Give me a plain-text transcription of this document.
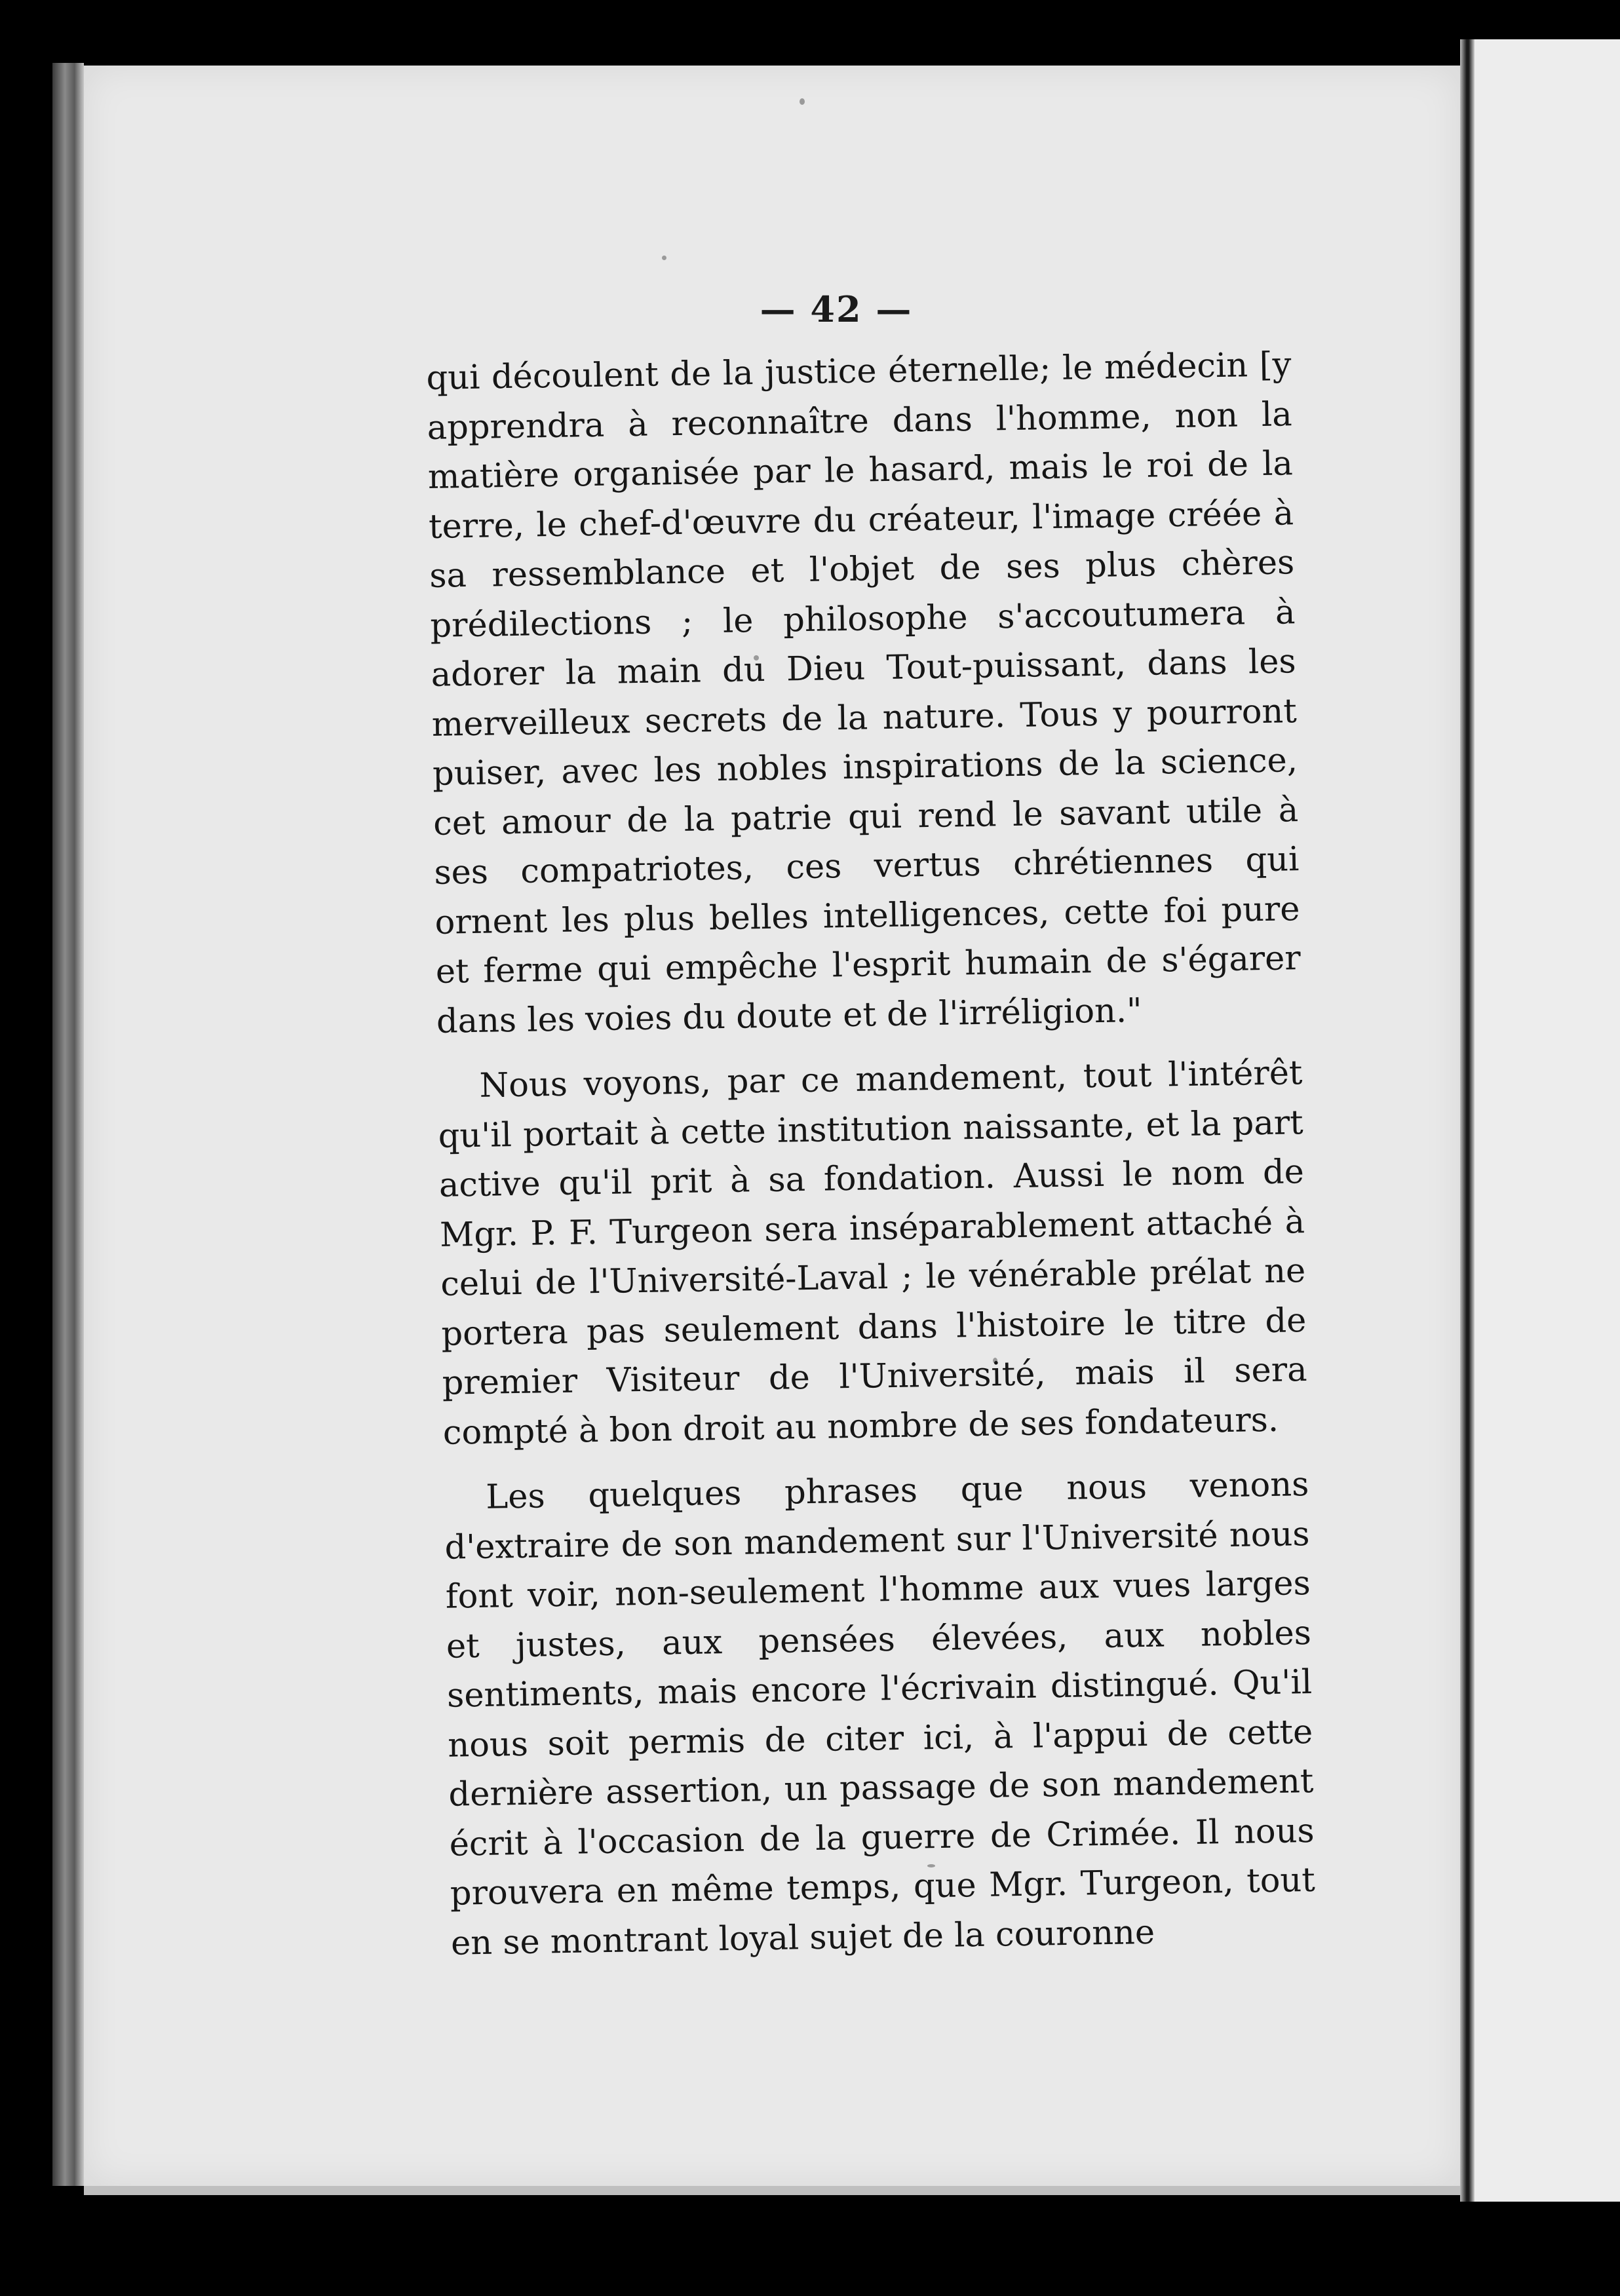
— 42 —

qui découlent de la justice éternelle; le médecin [y apprendra à reconnaître dans l'homme, non la matière organisée par le hasard, mais le roi de la terre, le chef-d'œuvre du créateur, l'image créée à sa ressemblance et l'objet de ses plus chères prédilections ; le philosophe s'accoutumera à adorer la main du Dieu Tout-puissant, dans les merveilleux secrets de la nature. Tous y pourront puiser, avec les nobles inspirations de la science, cet amour de la patrie qui rend le savant utile à ses compatriotes, ces vertus chrétiennes qui ornent les plus belles intelligences, cette foi pure et ferme qui empêche l'esprit humain de s'égarer dans les voies du doute et de l'irréligion."

Nous voyons, par ce mandement, tout l'intérêt qu'il portait à cette institution naissante, et la part active qu'il prit à sa fondation. Aussi le nom de Mgr. P. F. Turgeon sera inséparablement attaché à celui de l'Université-Laval ; le vénérable prélat ne portera pas seulement dans l'histoire le titre de premier Visiteur de l'Université, mais il sera compté à bon droit au nombre de ses fondateurs.

Les quelques phrases que nous venons d'extraire de son mandement sur l'Université nous font voir, non-seulement l'homme aux vues larges et justes, aux pensées élevées, aux nobles sentiments, mais encore l'écrivain distingué. Qu'il nous soit permis de citer ici, à l'appui de cette dernière assertion, un passage de son mandement écrit à l'occasion de la guerre de Crimée. Il nous prouvera en même temps, que Mgr. Turgeon, tout en se montrant loyal sujet de la couronne
